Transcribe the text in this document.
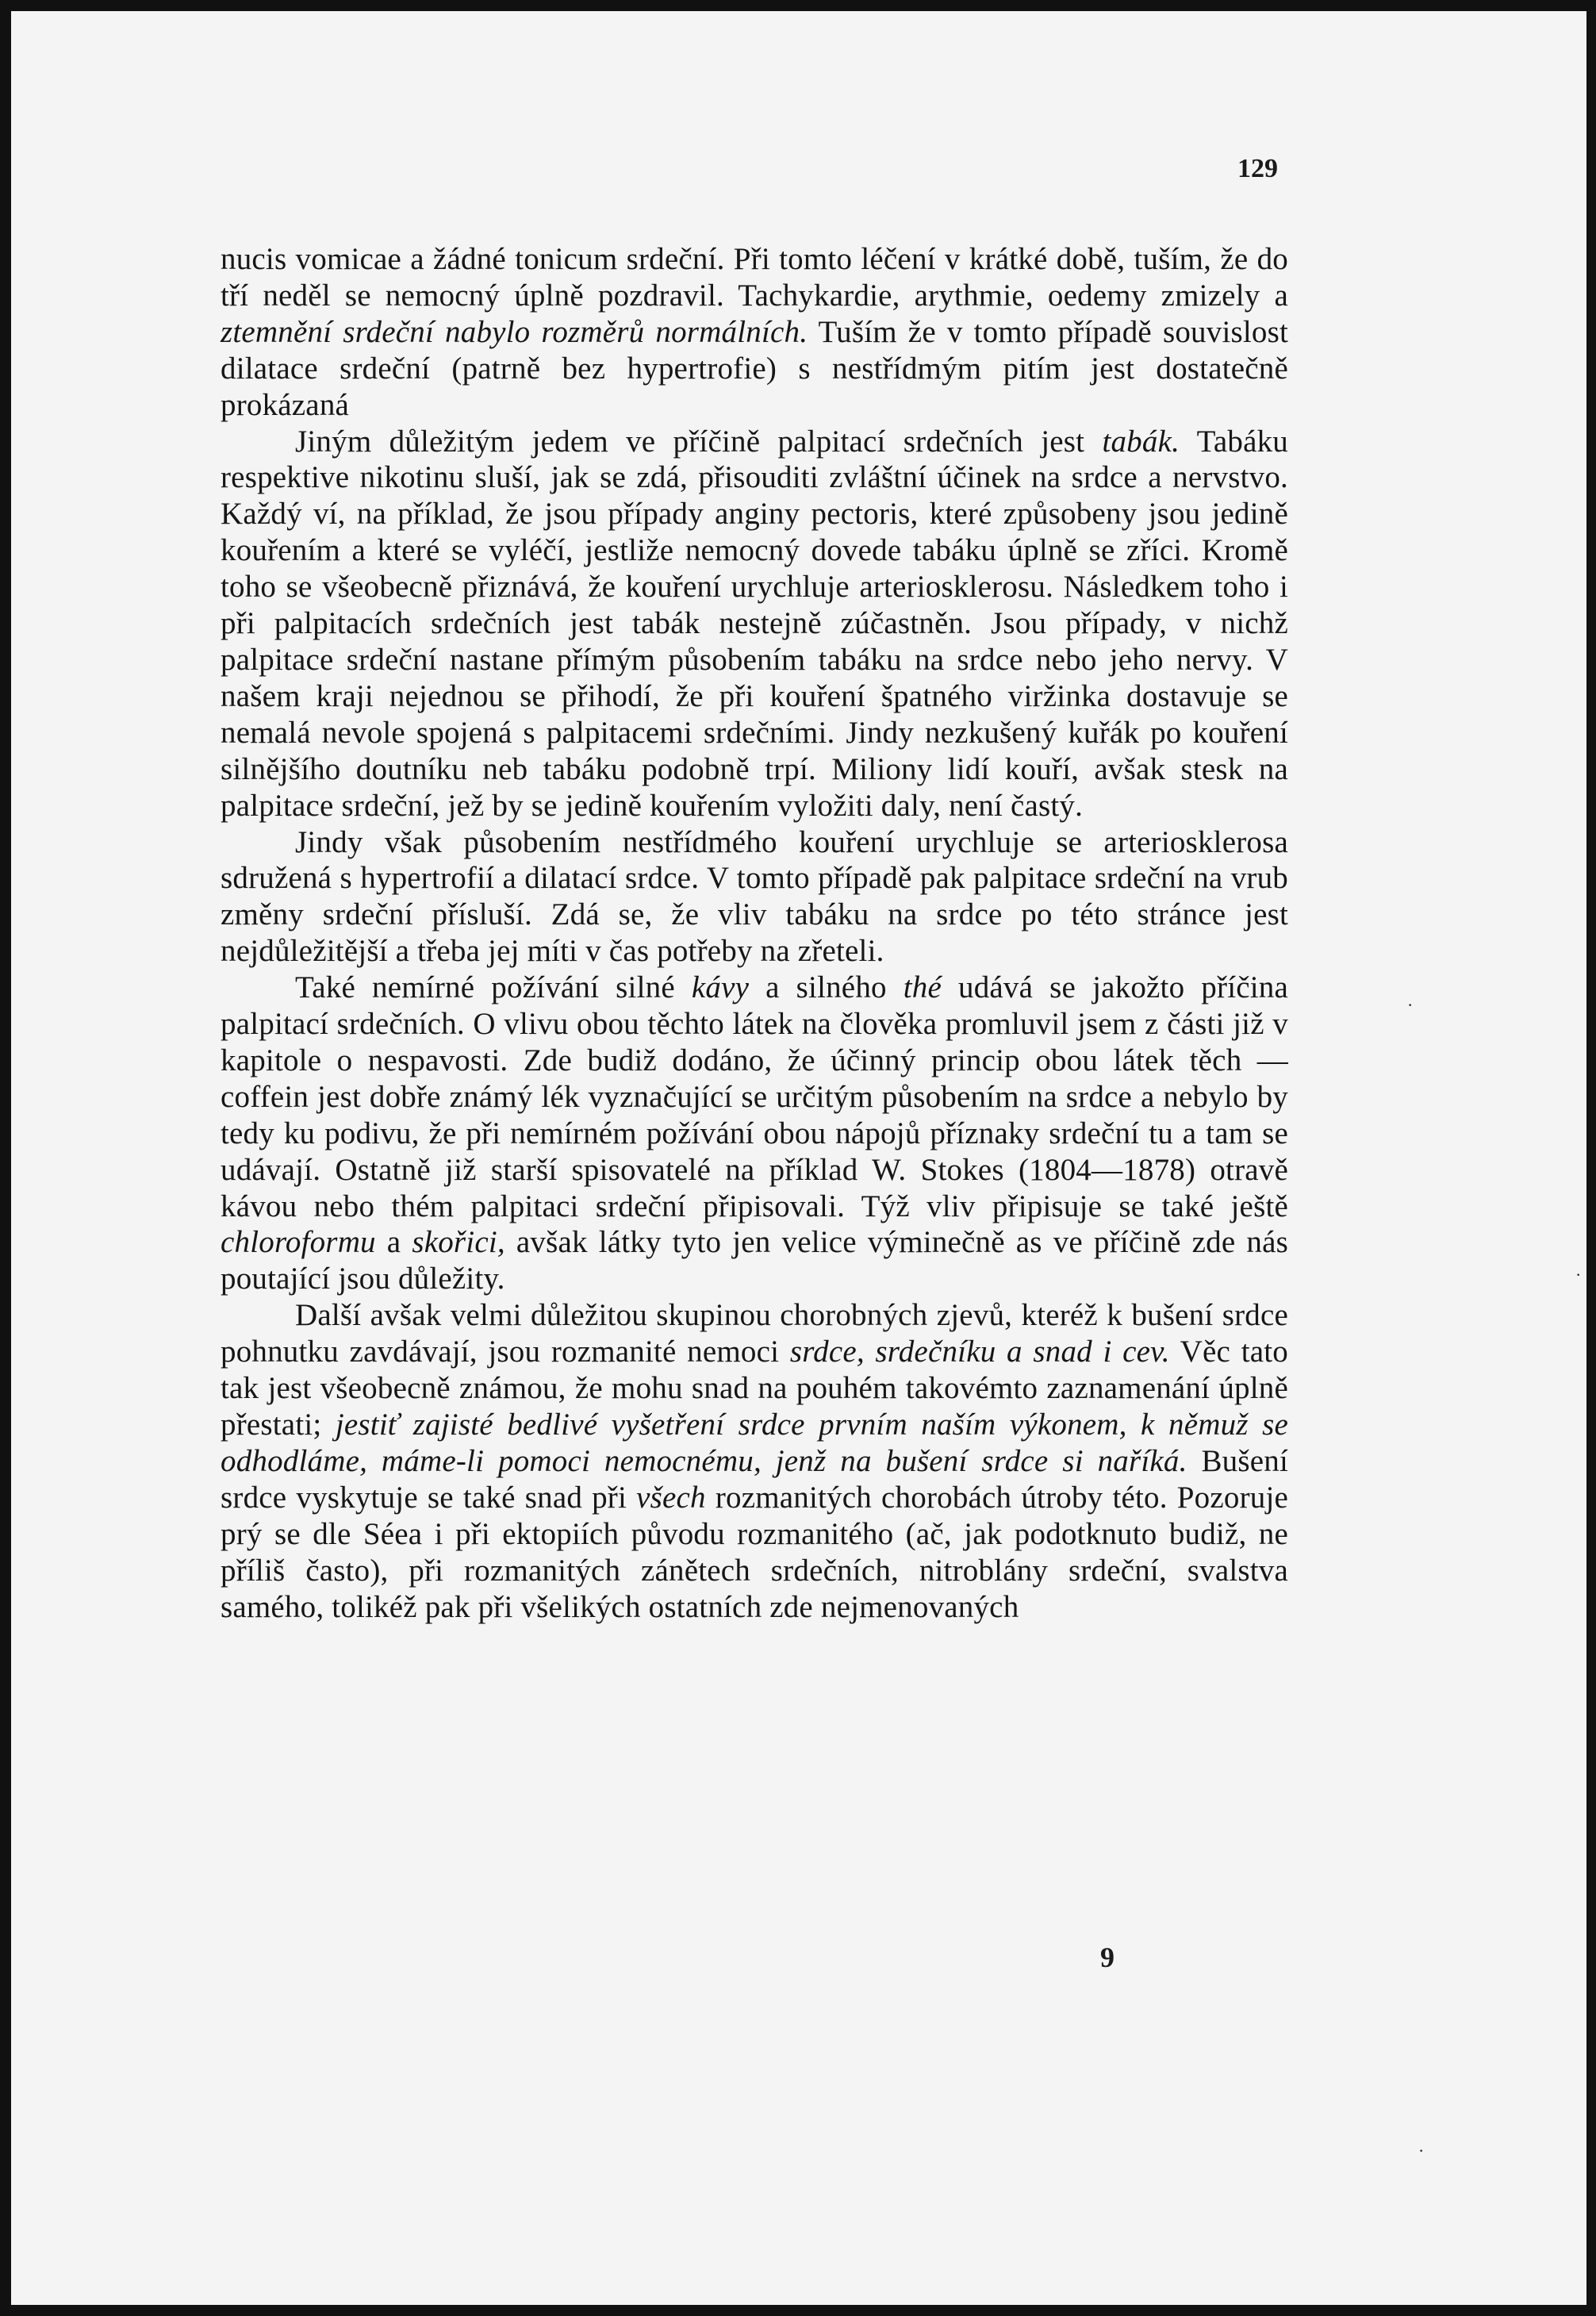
129

nucis vomicae a žádné tonicum srdeční. Při tomto léčení v krátké době, tuším, že do tří neděl se nemocný úplně pozdravil. Tachykardie, arythmie, oedemy zmizely a ztemnění srdeční nabylo rozměrů normálních. Tuším že v tomto případě souvislost dilatace srdeční (patrně bez hypertrofie) s nestřídmým pitím jest dostatečně prokázaná

Jiným důležitým jedem ve příčině palpitací srdečních jest tabák. Tabáku respektive nikotinu sluší, jak se zdá, přisouditi zvláštní účinek na srdce a nervstvo. Každý ví, na příklad, že jsou případy anginy pectoris, které způsobeny jsou jedině kouřením a které se vyléčí, jestliže nemocný dovede tabáku úplně se zříci. Kromě toho se všeobecně přiznává, že kouření urychluje arteriosklerosu. Následkem toho i při palpitacích srdečních jest tabák nestejně zúčastněn. Jsou případy, v nichž palpitace srdeční nastane přímým působením tabáku na srdce nebo jeho nervy. V našem kraji nejednou se přihodí, že při kouření špatného viržinka dostavuje se nemalá nevole spojená s palpitacemi srdečními. Jindy nezkušený kuřák po kouření silnějšího doutníku neb tabáku podobně trpí. Miliony lidí kouří, avšak stesk na palpitace srdeční, jež by se jedině kouřením vyložiti daly, není častý.

Jindy však působením nestřídmého kouření urychluje se arteriosklerosa sdružená s hypertrofií a dilatací srdce. V tomto případě pak palpitace srdeční na vrub změny srdeční přísluší. Zdá se, že vliv tabáku na srdce po této stránce jest nejdůležitější a třeba jej míti v čas potřeby na zřeteli.

Také nemírné požívání silné kávy a silného thé udává se jakožto příčina palpitací srdečních. O vlivu obou těchto látek na člověka promluvil jsem z části již v kapitole o nespavosti. Zde budiž dodáno, že účinný princip obou látek těch — coffein jest dobře známý lék vyznačující se určitým působením na srdce a nebylo by tedy ku podivu, že při nemírném požívání obou nápojů příznaky srdeční tu a tam se udávají. Ostatně již starší spisovatelé na příklad W. Stokes (1804—1878) otravě kávou nebo thém palpitaci srdeční připisovali. Týž vliv připisuje se také ještě chloroformu a skořici, avšak látky tyto jen velice výminečně as ve příčině zde nás poutající jsou důležity.

Další avšak velmi důležitou skupinou chorobných zjevů, kteréž k bušení srdce pohnutku zavdávají, jsou rozmanité nemoci srdce, srdečníku a snad i cev. Věc tato tak jest všeobecně známou, že mohu snad na pouhém takovémto zaznamenání úplně přestati; jestiť zajisté bedlivé vyšetření srdce prvním naším výkonem, k němuž se odhodláme, máme-li pomoci nemocnému, jenž na bušení srdce si naříká. Bušení srdce vyskytuje se také snad při všech rozmanitých chorobách útroby této. Pozoruje prý se dle Séea i při ektopiích původu rozmanitého (ač, jak podotknuto budiž, ne příliš často), při rozmanitých zánětech srdečních, nitroblány srdeční, svalstva samého, tolikéž pak při všelikých ostatních zde nejmenovaných

9
·
·
·
